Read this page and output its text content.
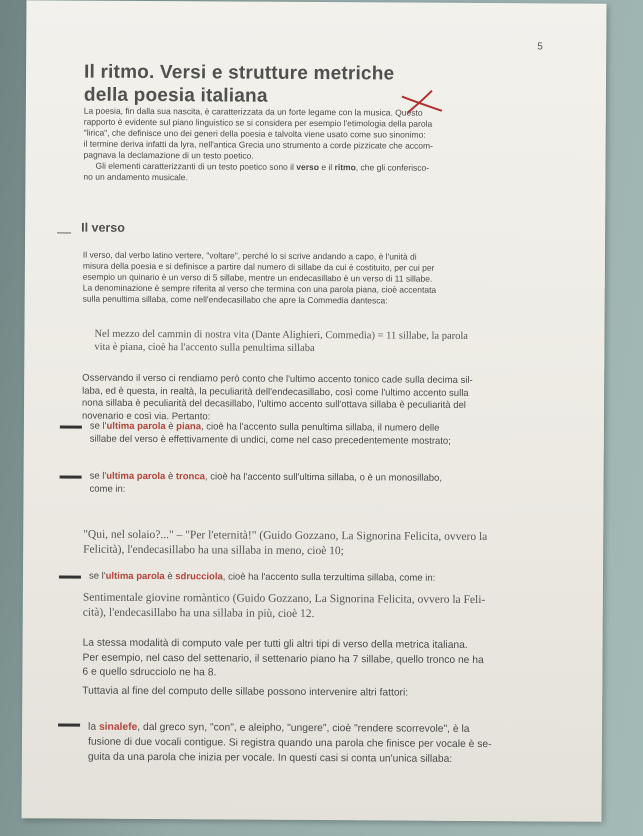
5
Il ritmo. Versi e strutture metriche
della poesia italiana
La poesia, fin dalla sua nascita, è caratterizzata da un forte legame con la musica. Questo
rapporto è evidente sul piano linguistico se si considera per esempio l'etimologia della parola
"lirica", che definisce uno dei generi della poesia e talvolta viene usato come suo sinonimo:
il termine deriva infatti da lyra, nell'antica Grecia uno strumento a corde pizzicate che accom-
pagnava la declamazione di un testo poetico.

Gli elementi caratterizzanti di un testo poetico sono il verso e il ritmo, che gli conferisco-
no un andamento musicale.
Il verso
Il verso, dal verbo latino vertere, "voltare", perché lo si scrive andando a capo, è l'unità di
misura della poesia e si definisce a partire dal numero di sillabe da cui è costituito, per cui per
esempio un quinario è un verso di 5 sillabe, mentre un endecasillabo è un verso di 11 sillabe.
La denominazione è sempre riferita al verso che termina con una parola piana, cioè accentata
sulla penultima sillaba, come nell'endecasillabo che apre la Commedia dantesca:
Nel mezzo del cammin di nostra vita (Dante Alighieri, Commedia) = 11 sillabe, la parola
vita è piana, cioè ha l'accento sulla penultima sillaba
Osservando il verso ci rendiamo però conto che l'ultimo accento tonico cade sulla decima sil-
laba, ed è questa, in realtà, la peculiarità dell'endecasillabo, così come l'ultimo accento sulla
nona sillaba è peculiarità del decasillabo, l'ultimo accento sull'ottava sillaba è peculiarità del
novenario e così via. Pertanto:
se l'ultima parola è piana, cioè ha l'accento sulla penultima sillaba, il numero delle
sillabe del verso è effettivamente di undici, come nel caso precedentemente mostrato;
se l'ultima parola è tronca, cioè ha l'accento sull'ultima sillaba, o è un monosillabo,
come in:
"Qui, nel solaio?..." – "Per l'eternità!" (Guido Gozzano, La Signorina Felicita, ovvero la
Felicità), l'endecasillabo ha una sillaba in meno, cioè 10;
se l'ultima parola è sdrucciola, cioè ha l'accento sulla terzultima sillaba, come in:
Sentimentale giovine romàntico (Guido Gozzano, La Signorina Felicita, ovvero la Feli-
cità), l'endecasillabo ha una sillaba in più, cioè 12.
La stessa modalità di computo vale per tutti gli altri tipi di verso della metrica italiana.
Per esempio, nel caso del settenario, il settenario piano ha 7 sillabe, quello tronco ne ha
6 e quello sdrucciolo ne ha 8.
Tuttavia al fine del computo delle sillabe possono intervenire altri fattori:
la sinalefe, dal greco syn, "con", e aleipho, "ungere", cioè "rendere scorrevole", è la
fusione di due vocali contigue. Si registra quando una parola che finisce per vocale è se-
guita da una parola che inizia per vocale. In questi casi si conta un'unica sillaba:
